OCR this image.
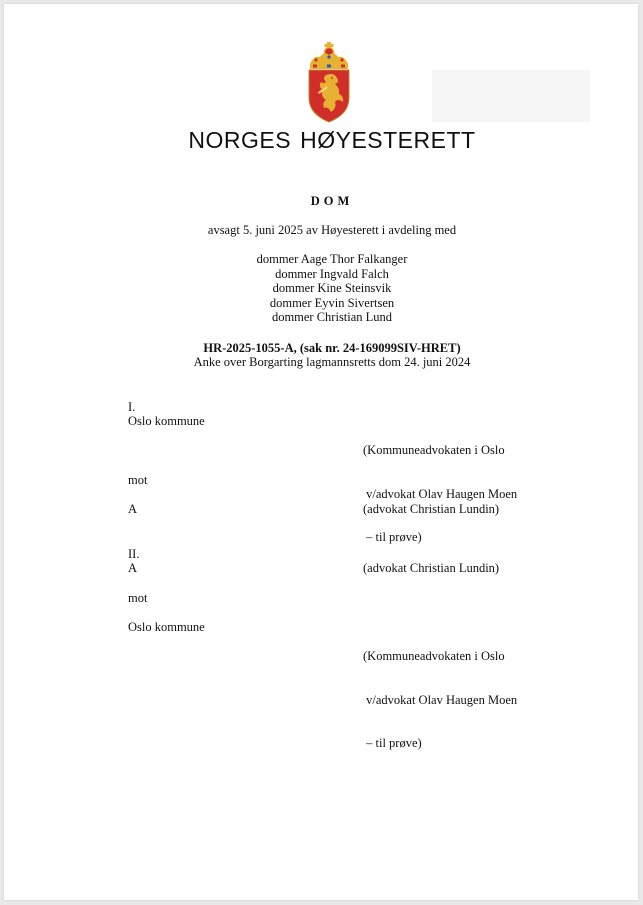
NORGES HØYESTERETT
DOM
avsagt 5. juni 2025 av Høyesterett i avdeling med
dommer Aage Thor Falkanger
dommer Ingvald Falch
dommer Kine Steinsvik
dommer Eyvin Sivertsen
dommer Christian Lund
HR-2025-1055-A, (sak nr. 24-169099SIV-HRET)
Anke over Borgarting lagmannsretts dom 24. juni 2024
I.
Oslo kommune

(Kommuneadvokaten i Oslo

v/advokat Olav Haugen Moen

– til prøve)

mot
A	(advokat Christian Lundin)
II.
A	(advokat Christian Lundin)
mot
Oslo kommune

(Kommuneadvokaten i Oslo

v/advokat Olav Haugen Moen

– til prøve)
